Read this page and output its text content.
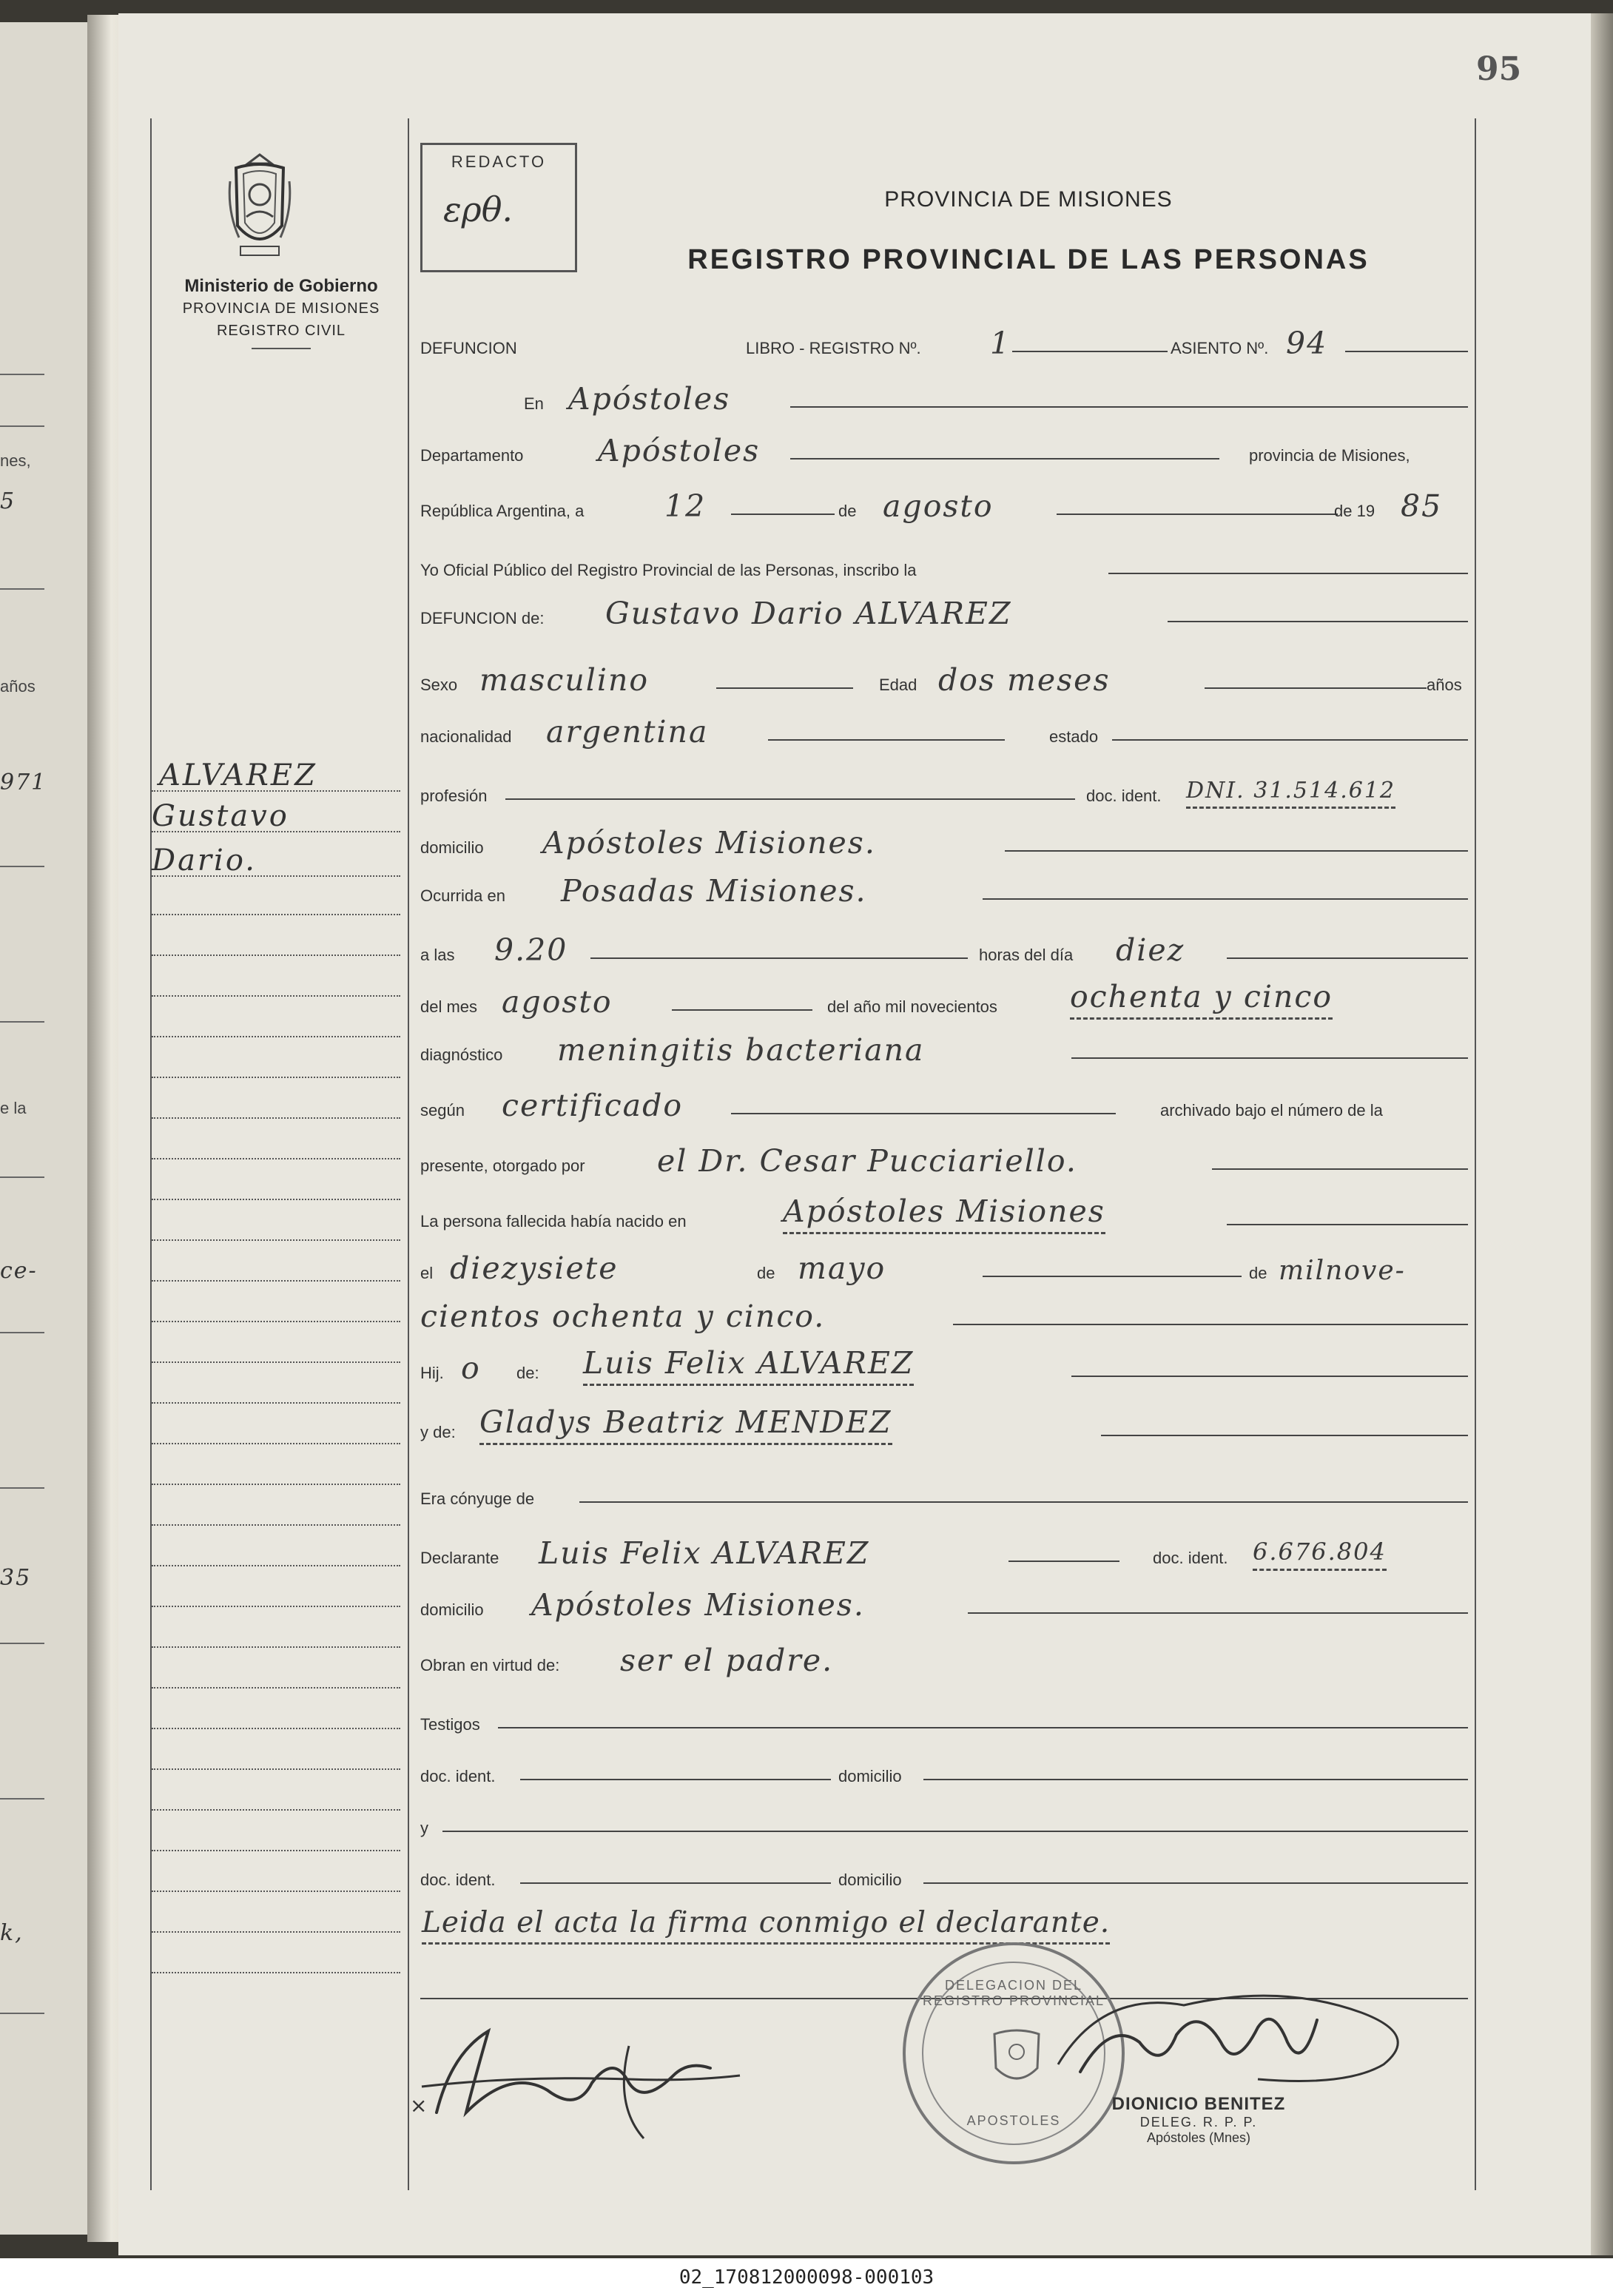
nes,
5
años
971
e la
ce-
35
k,
95
Ministerio de Gobierno
PROVINCIA DE MISIONES
REGISTRO CIVIL
REDACTO
ερθ.	PROVINCIA DE MISIONES
REGISTRO PROVINCIAL DE LAS PERSONAS
DEFUNCION	LIBRO - REGISTRO Nº. 1	ASIENTO Nº. 94
En Apóstoles
Departamento Apóstoles	provincia de Misiones,
República Argentina, a	12	de agosto	de 19 85
Yo Oficial Público del Registro Provincial de las Personas, inscribo la
DEFUNCION de: Gustavo Dario ALVAREZ
Sexo masculino	Edad dos meses	años
nacionalidad argentina	estado
profesión	doc. ident. DNI. 31.514.612
domicilio Apóstoles Misiones.
Ocurrida en Posadas Misiones.
a las 9.20	horas del día diez
del mes agosto	del año mil novecientos ochenta y cinco
diagnóstico meningitis bacteriana
según certificado	archivado bajo el número de la
presente, otorgado por el Dr. Cesar Pucciariello.
La persona fallecida había nacido en	Apóstoles Misiones
el diezysiete	de mayo	de milnove-
cientos ochenta y cinco.
Hij. o de: Luis Felix ALVAREZ
y de: Gladys Beatriz MENDEZ
Era cónyuge de
Declarante Luis Felix ALVAREZ	doc. ident. 6.676.804
domicilio Apóstoles Misiones.
Obran en virtud de: ser el padre.
Testigos
doc. ident.	domicilio
y
doc. ident.	domicilio
Leida el acta la firma conmigo el declarante.
ALVAREZ
Gustavo
Dario.
×
DELEGACION DEL REGISTRO PROVINCIAL
APOSTOLES
DIONICIO BENITEZ
DELEG. R. P. P.
Apóstoles (Mnes)
02_170812000098-000103
